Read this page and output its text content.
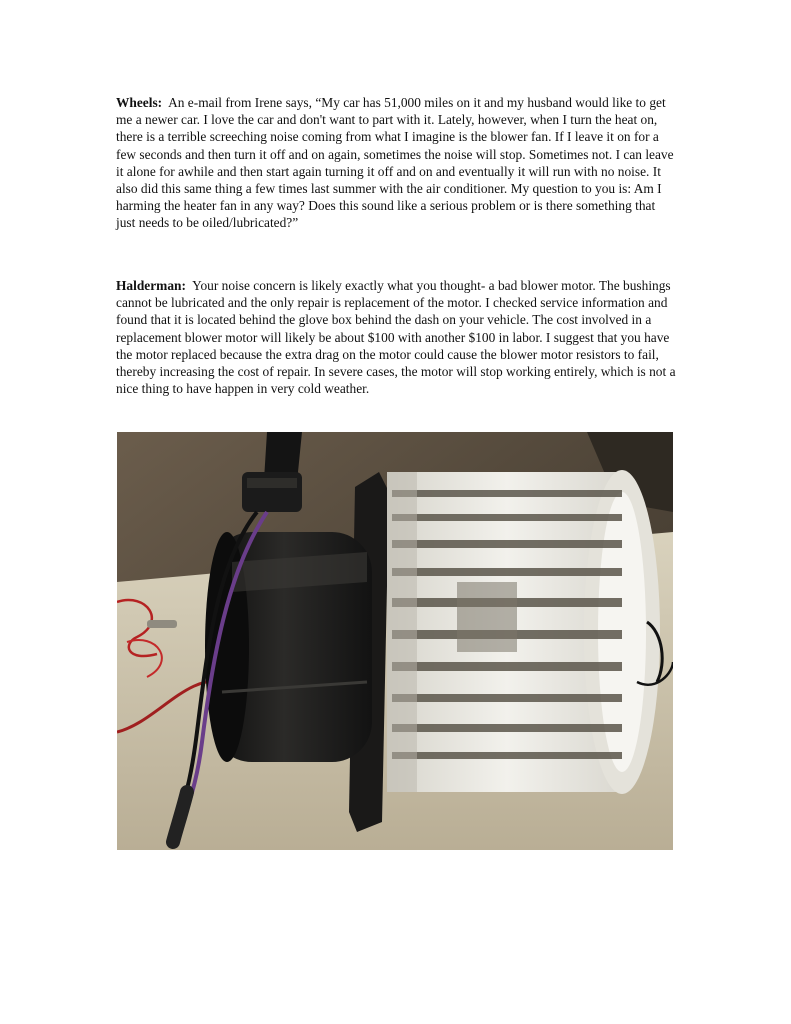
Wheels: An e-mail from Irene says, “My car has 51,000 miles on it and my husband would like to get me a newer car. I love the car and don't want to part with it. Lately, however, when I turn the heat on, there is a terrible screeching noise coming from what I imagine is the blower fan. If I leave it on for a few seconds and then turn it off and on again, sometimes the noise will stop. Sometimes not. I can leave it alone for awhile and then start again turning it off and on and eventually it will run with no noise. It also did this same thing a few times last summer with the air conditioner. My question to you is: Am I harming the heater fan in any way? Does this sound like a serious problem or is there something that just needs to be oiled/lubricated?”

Halderman: Your noise concern is likely exactly what you thought- a bad blower motor. The bushings cannot be lubricated and the only repair is replacement of the motor. I checked service information and found that it is located behind the glove box behind the dash on your vehicle. The cost involved in a replacement blower motor will likely be about $100 with another $100 in labor. I suggest that you have the motor replaced because the extra drag on the motor could cause the blower motor resistors to fail, thereby increasing the cost of repair. In severe cases, the motor will stop working entirely, which is not a nice thing to have happen in very cold weather.
